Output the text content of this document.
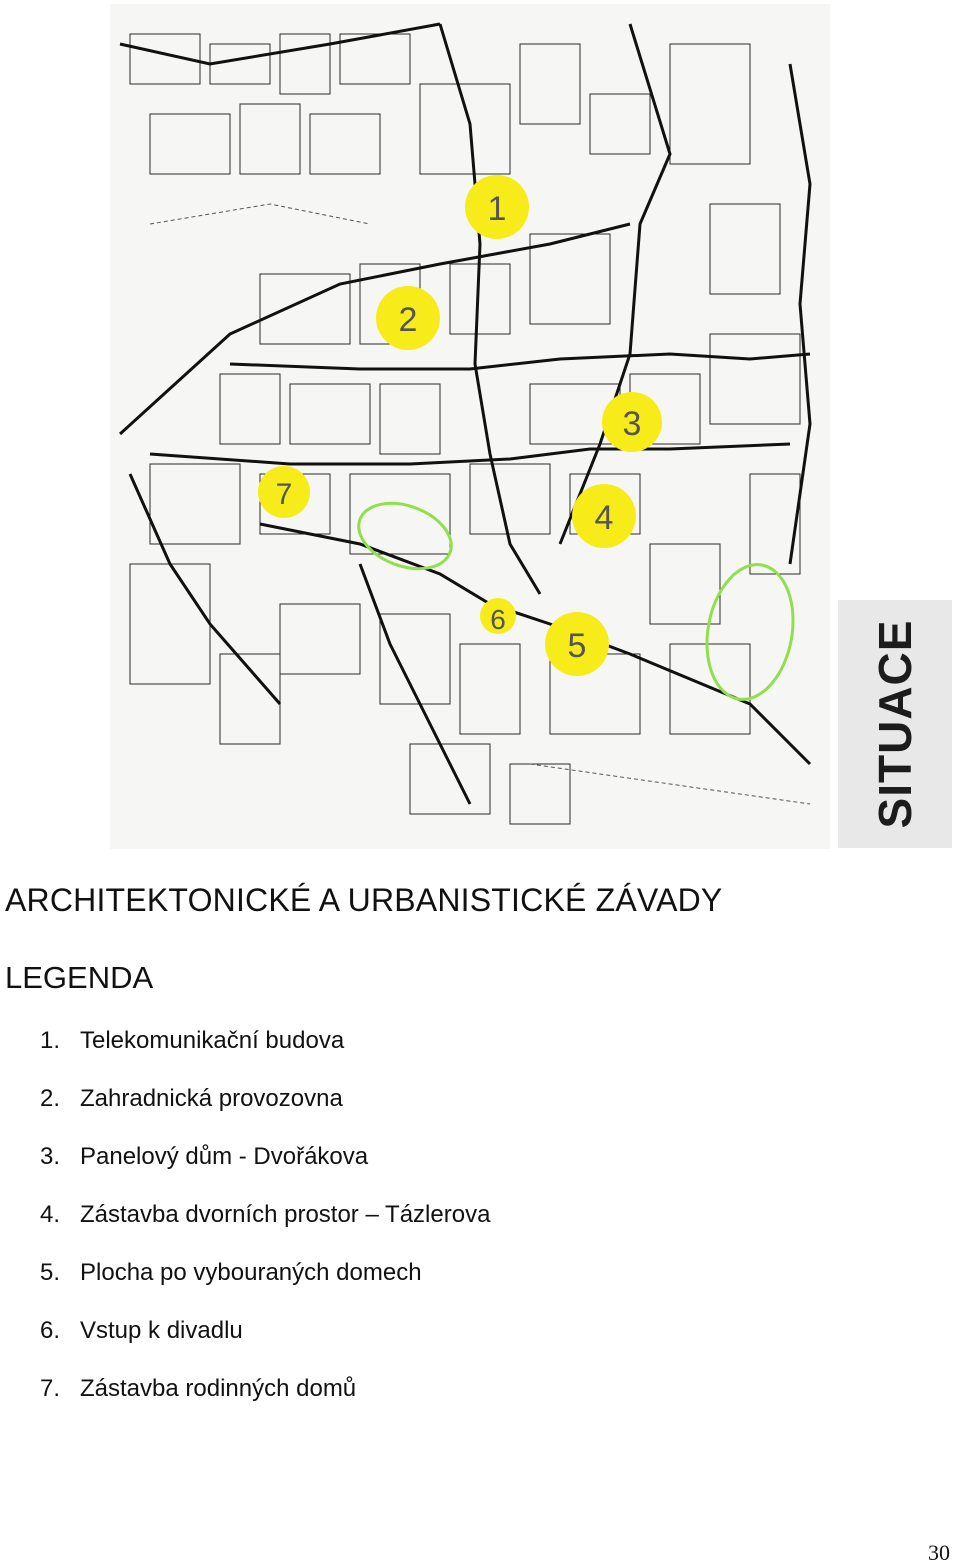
1
2
3
4
5
6
7
SITUACE
ARCHITEKTONICKÉ A URBANISTICKÉ ZÁVADY
LEGENDA
1. Telekomunikační budova
2. Zahradnická provozovna
3. Panelový dům - Dvořákova
4. Zástavba dvorních prostor – Tázlerova
5. Plocha po vybouraných domech
6. Vstup k divadlu
7. Zástavba rodinných domů
30
